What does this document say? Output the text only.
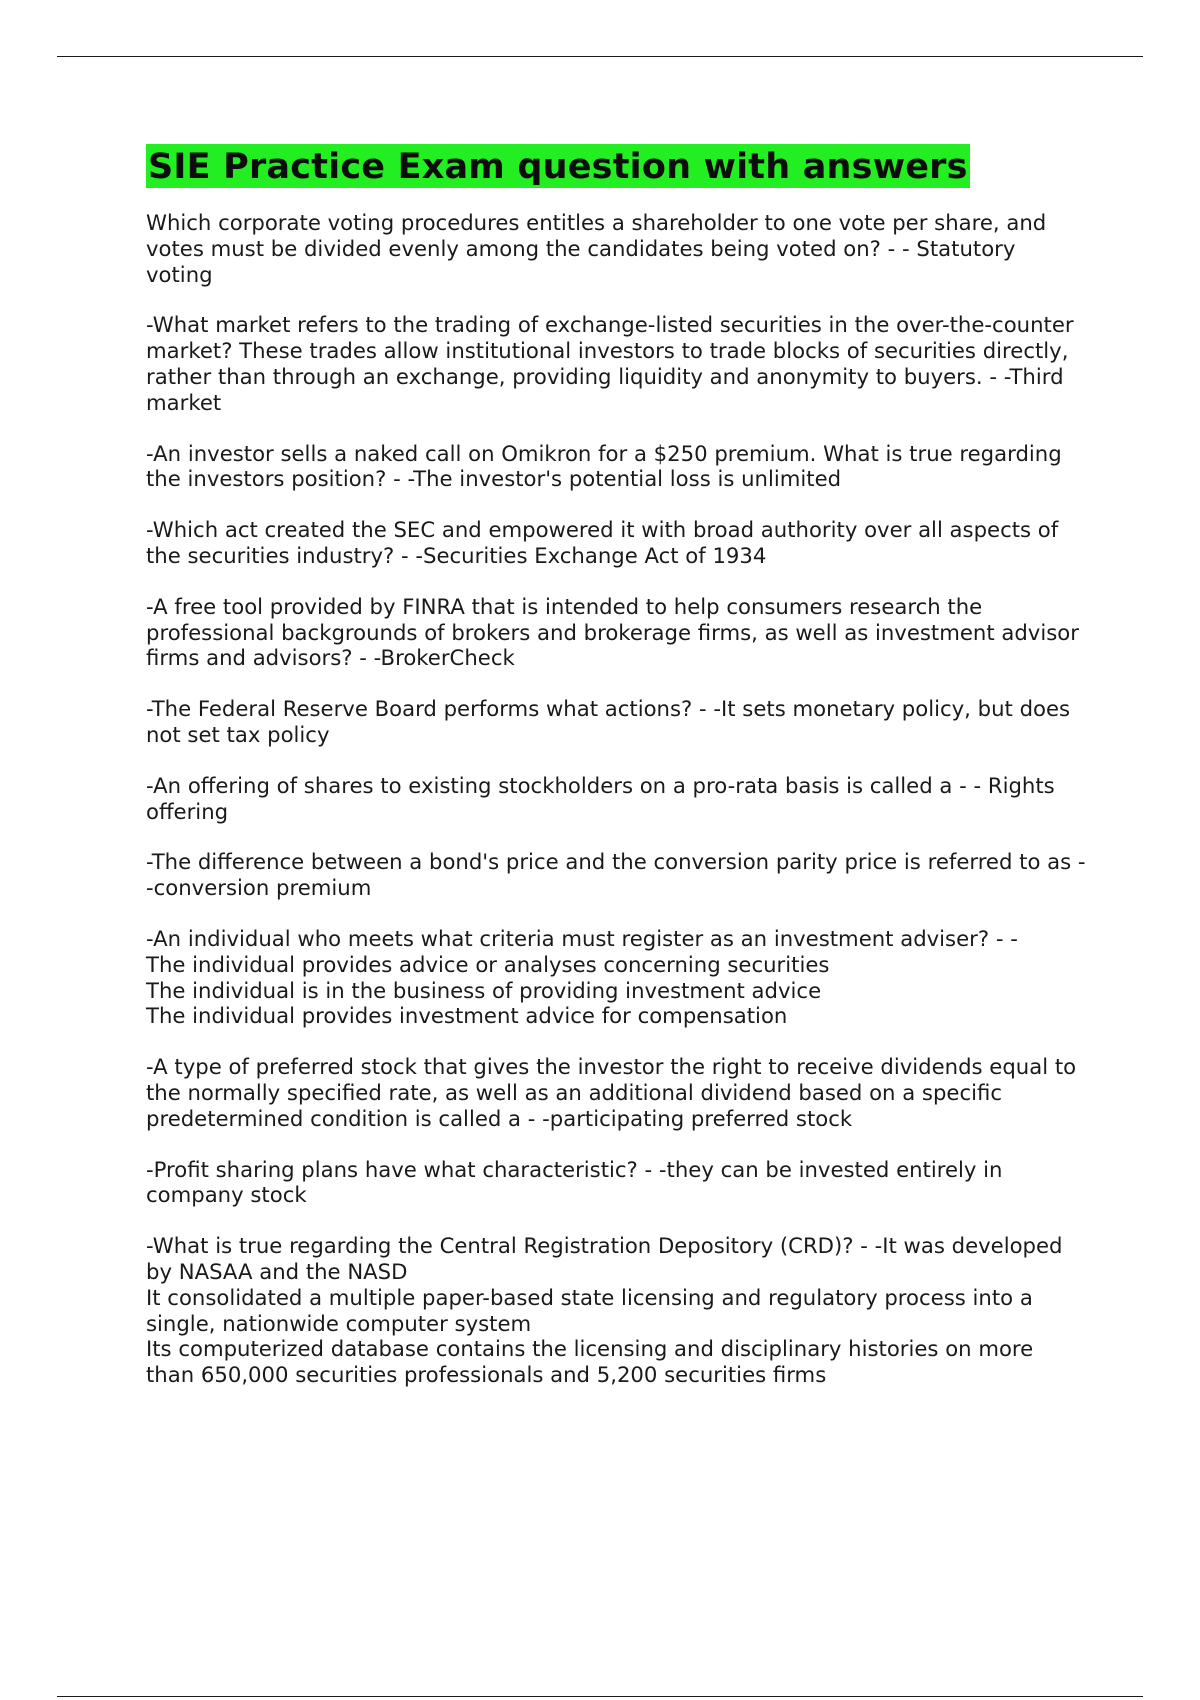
SIE Practice Exam question with answers
Which corporate voting procedures entitles a shareholder to one vote per share, and votes must be divided evenly among the candidates being voted on? - - Statutory voting
-What market refers to the trading of exchange-listed securities in the over-the-counter market? These trades allow institutional investors to trade blocks of securities directly, rather than through an exchange, providing liquidity and anonymity to buyers. - -Third market
-An investor sells a naked call on Omikron for a $250 premium. What is true regarding the investors position? - -The investor's potential loss is unlimited
-Which act created the SEC and empowered it with broad authority over all aspects of the securities industry? - -Securities Exchange Act of 1934
-A free tool provided by FINRA that is intended to help consumers research the professional backgrounds of brokers and brokerage firms, as well as investment advisor firms and advisors? - -BrokerCheck
-The Federal Reserve Board performs what actions? - -It sets monetary policy, but does not set tax policy
-An offering of shares to existing stockholders on a pro-rata basis is called a - - Rights offering
-The difference between a bond's price and the conversion parity price is referred to as - -conversion premium
-An individual who meets what criteria must register as an investment adviser? - -
The individual provides advice or analyses concerning securities
The individual is in the business of providing investment advice
The individual provides investment advice for compensation
-A type of preferred stock that gives the investor the right to receive dividends equal to the normally specified rate, as well as an additional dividend based on a specific predetermined condition is called a - -participating preferred stock
-Profit sharing plans have what characteristic? - -they can be invested entirely in company stock
-What is true regarding the Central Registration Depository (CRD)? - -It was developed by NASAA and the NASD
It consolidated a multiple paper-based state licensing and regulatory process into a single, nationwide computer system
Its computerized database contains the licensing and disciplinary histories on more than 650,000 securities professionals and 5,200 securities firms
